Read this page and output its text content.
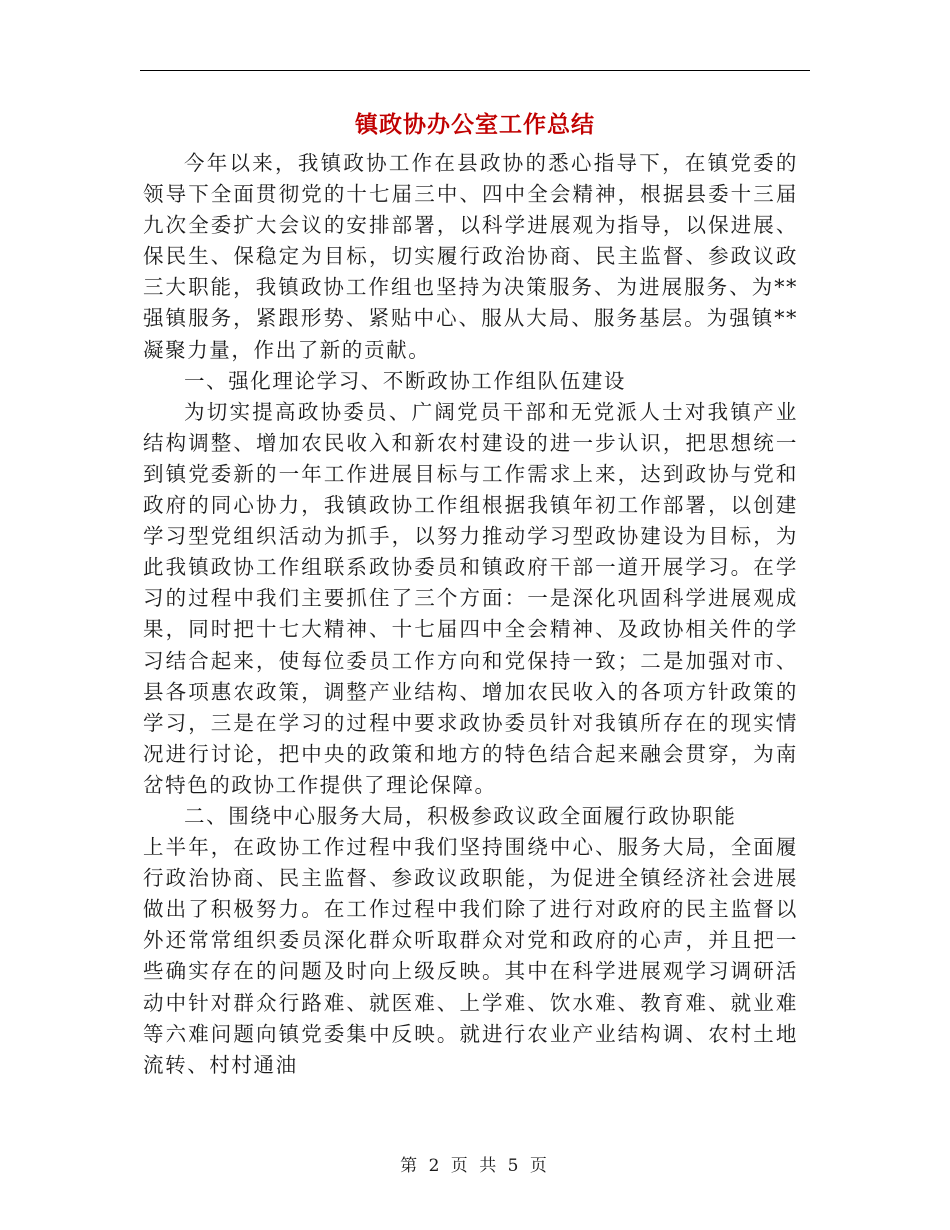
镇政协办公室工作总结

今年以来，我镇政协工作在县政协的悉心指导下，在镇党委的领导下全面贯彻党的十七届三中、四中全会精神，根据县委十三届九次全委扩大会议的安排部署，以科学进展观为指导，以保进展、保民生、保稳定为目标，切实履行政治协商、民主监督、参政议政三大职能，我镇政协工作组也坚持为决策服务、为进展服务、为**强镇服务，紧跟形势、紧贴中心、服从大局、服务基层。为强镇**凝聚力量，作出了新的贡献。

一、强化理论学习、不断政协工作组队伍建设

为切实提高政协委员、广阔党员干部和无党派人士对我镇产业结构调整、增加农民收入和新农村建设的进一步认识，把思想统一到镇党委新的一年工作进展目标与工作需求上来，达到政协与党和政府的同心协力，我镇政协工作组根据我镇年初工作部署，以创建学习型党组织活动为抓手，以努力推动学习型政协建设为目标，为此我镇政协工作组联系政协委员和镇政府干部一道开展学习。在学习的过程中我们主要抓住了三个方面：一是深化巩固科学进展观成果，同时把十七大精神、十七届四中全会精神、及政协相关件的学习结合起来，使每位委员工作方向和党保持一致；二是加强对市、县各项惠农政策，调整产业结构、增加农民收入的各项方针政策的学习，三是在学习的过程中要求政协委员针对我镇所存在的现实情况进行讨论，把中央的政策和地方的特色结合起来融会贯穿，为南岔特色的政协工作提供了理论保障。

二、围绕中心服务大局，积极参政议政全面履行政协职能

上半年，在政协工作过程中我们坚持围绕中心、服务大局，全面履行政治协商、民主监督、参政议政职能，为促进全镇经济社会进展做出了积极努力。在工作过程中我们除了进行对政府的民主监督以外还常常组织委员深化群众听取群众对党和政府的心声，并且把一些确实存在的问题及时向上级反映。其中在科学进展观学习调研活动中针对群众行路难、就医难、上学难、饮水难、教育难、就业难等六难问题向镇党委集中反映。就进行农业产业结构调、农村土地流转、村村通油

第 2 页 共 5 页
